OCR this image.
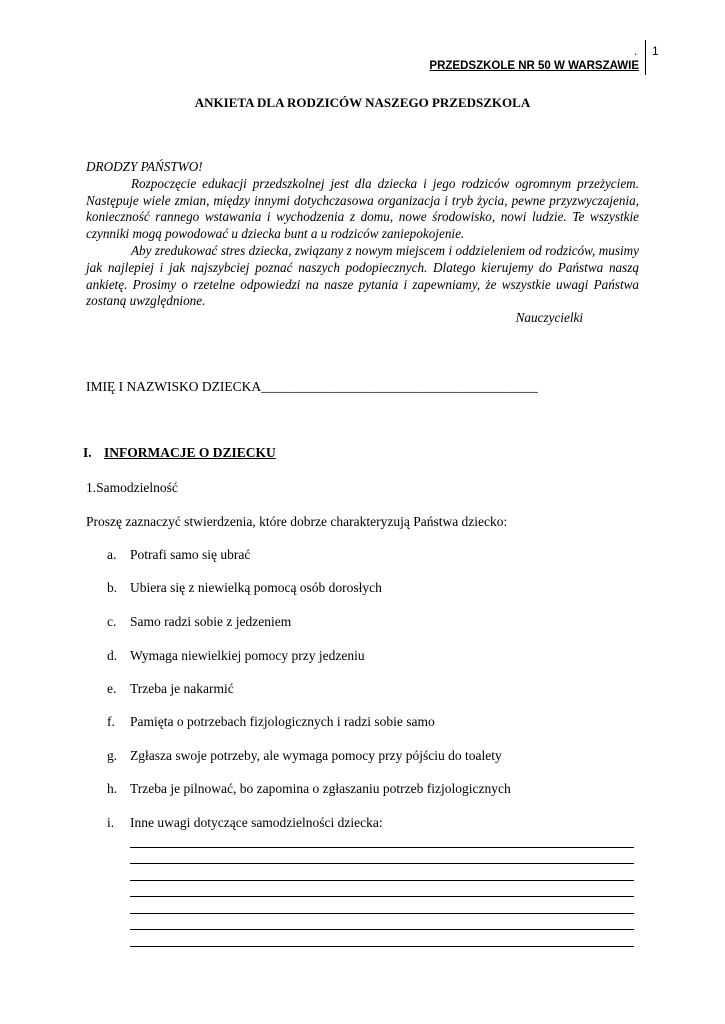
. 1
PRZEDSZKOLE NR 50 W WARSZAWIE
ANKIETA DLA RODZICÓW NASZEGO PRZEDSZKOLA

DRODZY PAŃSTWO!

Rozpoczęcie edukacji przedszkolnej jest dla dziecka i jego rodziców ogromnym przeżyciem. Następuje wiele zmian, między innymi dotychczasowa organizacja i tryb życia, pewne przyzwyczajenia, konieczność rannego wstawania i wychodzenia z domu, nowe środowisko, nowi ludzie. Te wszystkie czynniki mogą powodować u dziecka bunt a u rodziców zaniepokojenie.

Aby zredukować stres dziecka, związany z nowym miejscem i oddzieleniem od rodziców, musimy jak najlepiej i jak najszybciej poznać naszych podopiecznych. Dlatego kierujemy do Państwa naszą ankietę. Prosimy o rzetelne odpowiedzi na nasze pytania i zapewniamy, że wszystkie uwagi Państwa zostaną uwzględnione.

Nauczycielki

IMIĘ I NAZWISKO DZIECKA_________________________________________
I. INFORMACJE O DZIECKU
1.Samodzielność
Proszę zaznaczyć stwierdzenia, które dobrze charakteryzują Państwa dziecko:
a. Potrafi samo się ubrać
b. Ubiera się z niewielką pomocą osób dorosłych
c. Samo radzi sobie z jedzeniem
d. Wymaga niewielkiej pomocy przy jedzeniu
e. Trzeba je nakarmić
f. Pamięta o potrzebach fizjologicznych i radzi sobie samo
g. Zgłasza swoje potrzeby, ale wymaga pomocy przy pójściu do toalety
h. Trzeba je pilnować, bo zapomina o zgłaszaniu potrzeb fizjologicznych
i. Inne uwagi dotyczące samodzielności dziecka:
